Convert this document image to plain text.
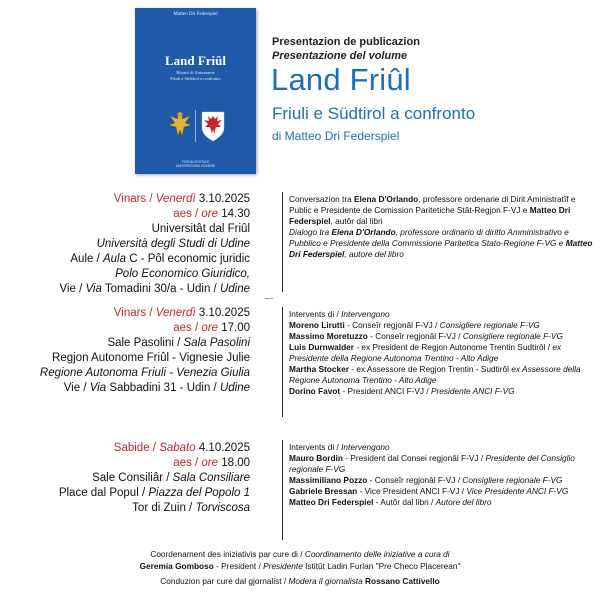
Matteo Dri Federspiel
Land Friûl
Ritratti di Autonomie
Friuli e Südtirol a confronto
FORUM EDITRICE
UNIVERSITARIA UDINESE
Presentazion de publicazion
Presentazione del volume
Land Friûl
Friuli e Südtirol a confronto
di Matteo Dri Federspiel
Vinars / Venerdì 3.10.2025
aes / ore 14.30
Universitât dal Friûl
Università degli Studi di Udine
Aule / Aula C - Pôl economic juridic
Polo Economico Giuridico,
Vie / Via Tomadini 30/a - Udin / Udine

Conversazion tra Elena D'Orlando, professore ordenarie di Dirit Aministratîf e Public e Presidente de Comission Paritetiche Stât-Regjon F-VJ e Matteo Dri Federspiel, autôr dal libri

Dialogo tra Elena D'Orlando, professore ordinario di diritto Amministrativo e Pubblico e Presidente della Commissione Paritetica Stato-Regione F-VG e Matteo Dri Federspiel, autore del libro

Vinars / Venerdì 3.10.2025
aes / ore 17.00
Sale Pasolini / Sala Pasolini
Regjon Autonome Friûl - Vignesie Julie
Regione Autonoma Friuli - Venezia Giulia
Vie / Via Sabbadini 31 - Udin / Udine

Intervents di / Intervengono

Moreno Lirutti - Conseîr regjonâl F-VJ / Consigliere regionale F-VG

Massimo Moretuzzo - Conseîr regjonâl F-VJ / Consigliere regionale F-VG

Luis Durnwalder - ex President de Regjon Autonome Trentin Sudtirôl / ex Presidente della Regione Autonoma Trentino - Alto Adige

Martha Stocker - ex Assessore de Regjon Trentin - Sudtirôl ex Assessore della Regione Autonoma Trentino - Alto Adige

Dorino Favot - President ANCI F-VJ / Presidente ANCI F-VG

Sabide / Sabato 4.10.2025
aes / ore 18.00
Sale Consiliâr / Sala Consiliare
Place dal Popul / Piazza del Popolo 1
Tor di Zuin / Torviscosa

Intervents di / Intervengono

Mauro Bordin - President dal Consei regjonâl F-VJ / Presidente del Consiglio regionale F-VG

Massimiliano Pozzo - Conseîr regjonâl F-VJ / Consigliere regionale F-VG

Gabriele Bressan - Vice President ANCI F-VJ / Vice Presidente ANCI F-VG

Matteo Dri Federspiel - Autôr dal libri / Autore del libro

Coordenament des iniziativis par cure di / Coordinamento delle iniziative a cura di
Geremia Gomboso - President / Presidente Istitût Ladin Furlan "Pre Checo Placerean"
Conduzion par cure dal gjornalist / Modera il giornalista Rossano Cattivello
